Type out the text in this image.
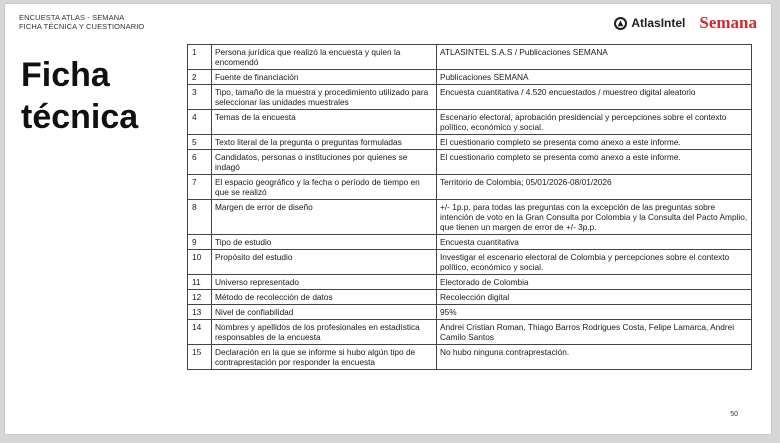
ENCUESTA ATLAS - SEMANA
FICHA TÉCNICA Y CUESTIONARIO	AtlasIntel Semana
Ficha
técnica
1	Persona jurídica que realizó la encuesta y quien la encomendó	ATLASINTEL S.A.S / Publicaciones SEMANA
2	Fuente de financiación	Publicaciones SEMANA
3	Tipo, tamaño de la muestra y procedimiento utilizado para seleccionar las unidades muestrales	Encuesta cuantitativa / 4.520 encuestados / muestreo digital aleatorio
4	Temas de la encuesta	Escenario electoral, aprobación presidencial y percepciones sobre el contexto político, económico y social.
5	Texto literal de la pregunta o preguntas formuladas	El cuestionario completo se presenta como anexo a este informe.
6	Candidatos, personas o instituciones por quienes se indagó	El cuestionario completo se presenta como anexo a este informe.
7	El espacio geográfico y la fecha o período de tiempo en que se realizó	Territorio de Colombia; 05/01/2026-08/01/2026
8	Margen de error de diseño	+/- 1p.p. para todas las preguntas con la excepción de las preguntas sobre intención de voto en la Gran Consulta por Colombia y la Consulta del Pacto Amplio, que tienen un margen de error de +/- 3p.p.
9	Tipo de estudio	Encuesta cuantitativa
10	Propósito del estudio	Investigar el escenario electoral de Colombia y percepciones sobre el contexto político, económico y social.
11	Universo representado	Electorado de Colombia
12	Método de recolección de datos	Recolección digital
13	Nivel de confiabilidad	95%
14	Nombres y apellidos de los profesionales en estadística responsables de la encuesta	Andrei Cristian Roman, Thiago Barros Rodrigues Costa, Felipe Lamarca, Andrei Camilo Santos
15	Declaración en la que se informe si hubo algún tipo de contraprestación por responder la encuesta	No hubo ninguna contraprestación.
50
